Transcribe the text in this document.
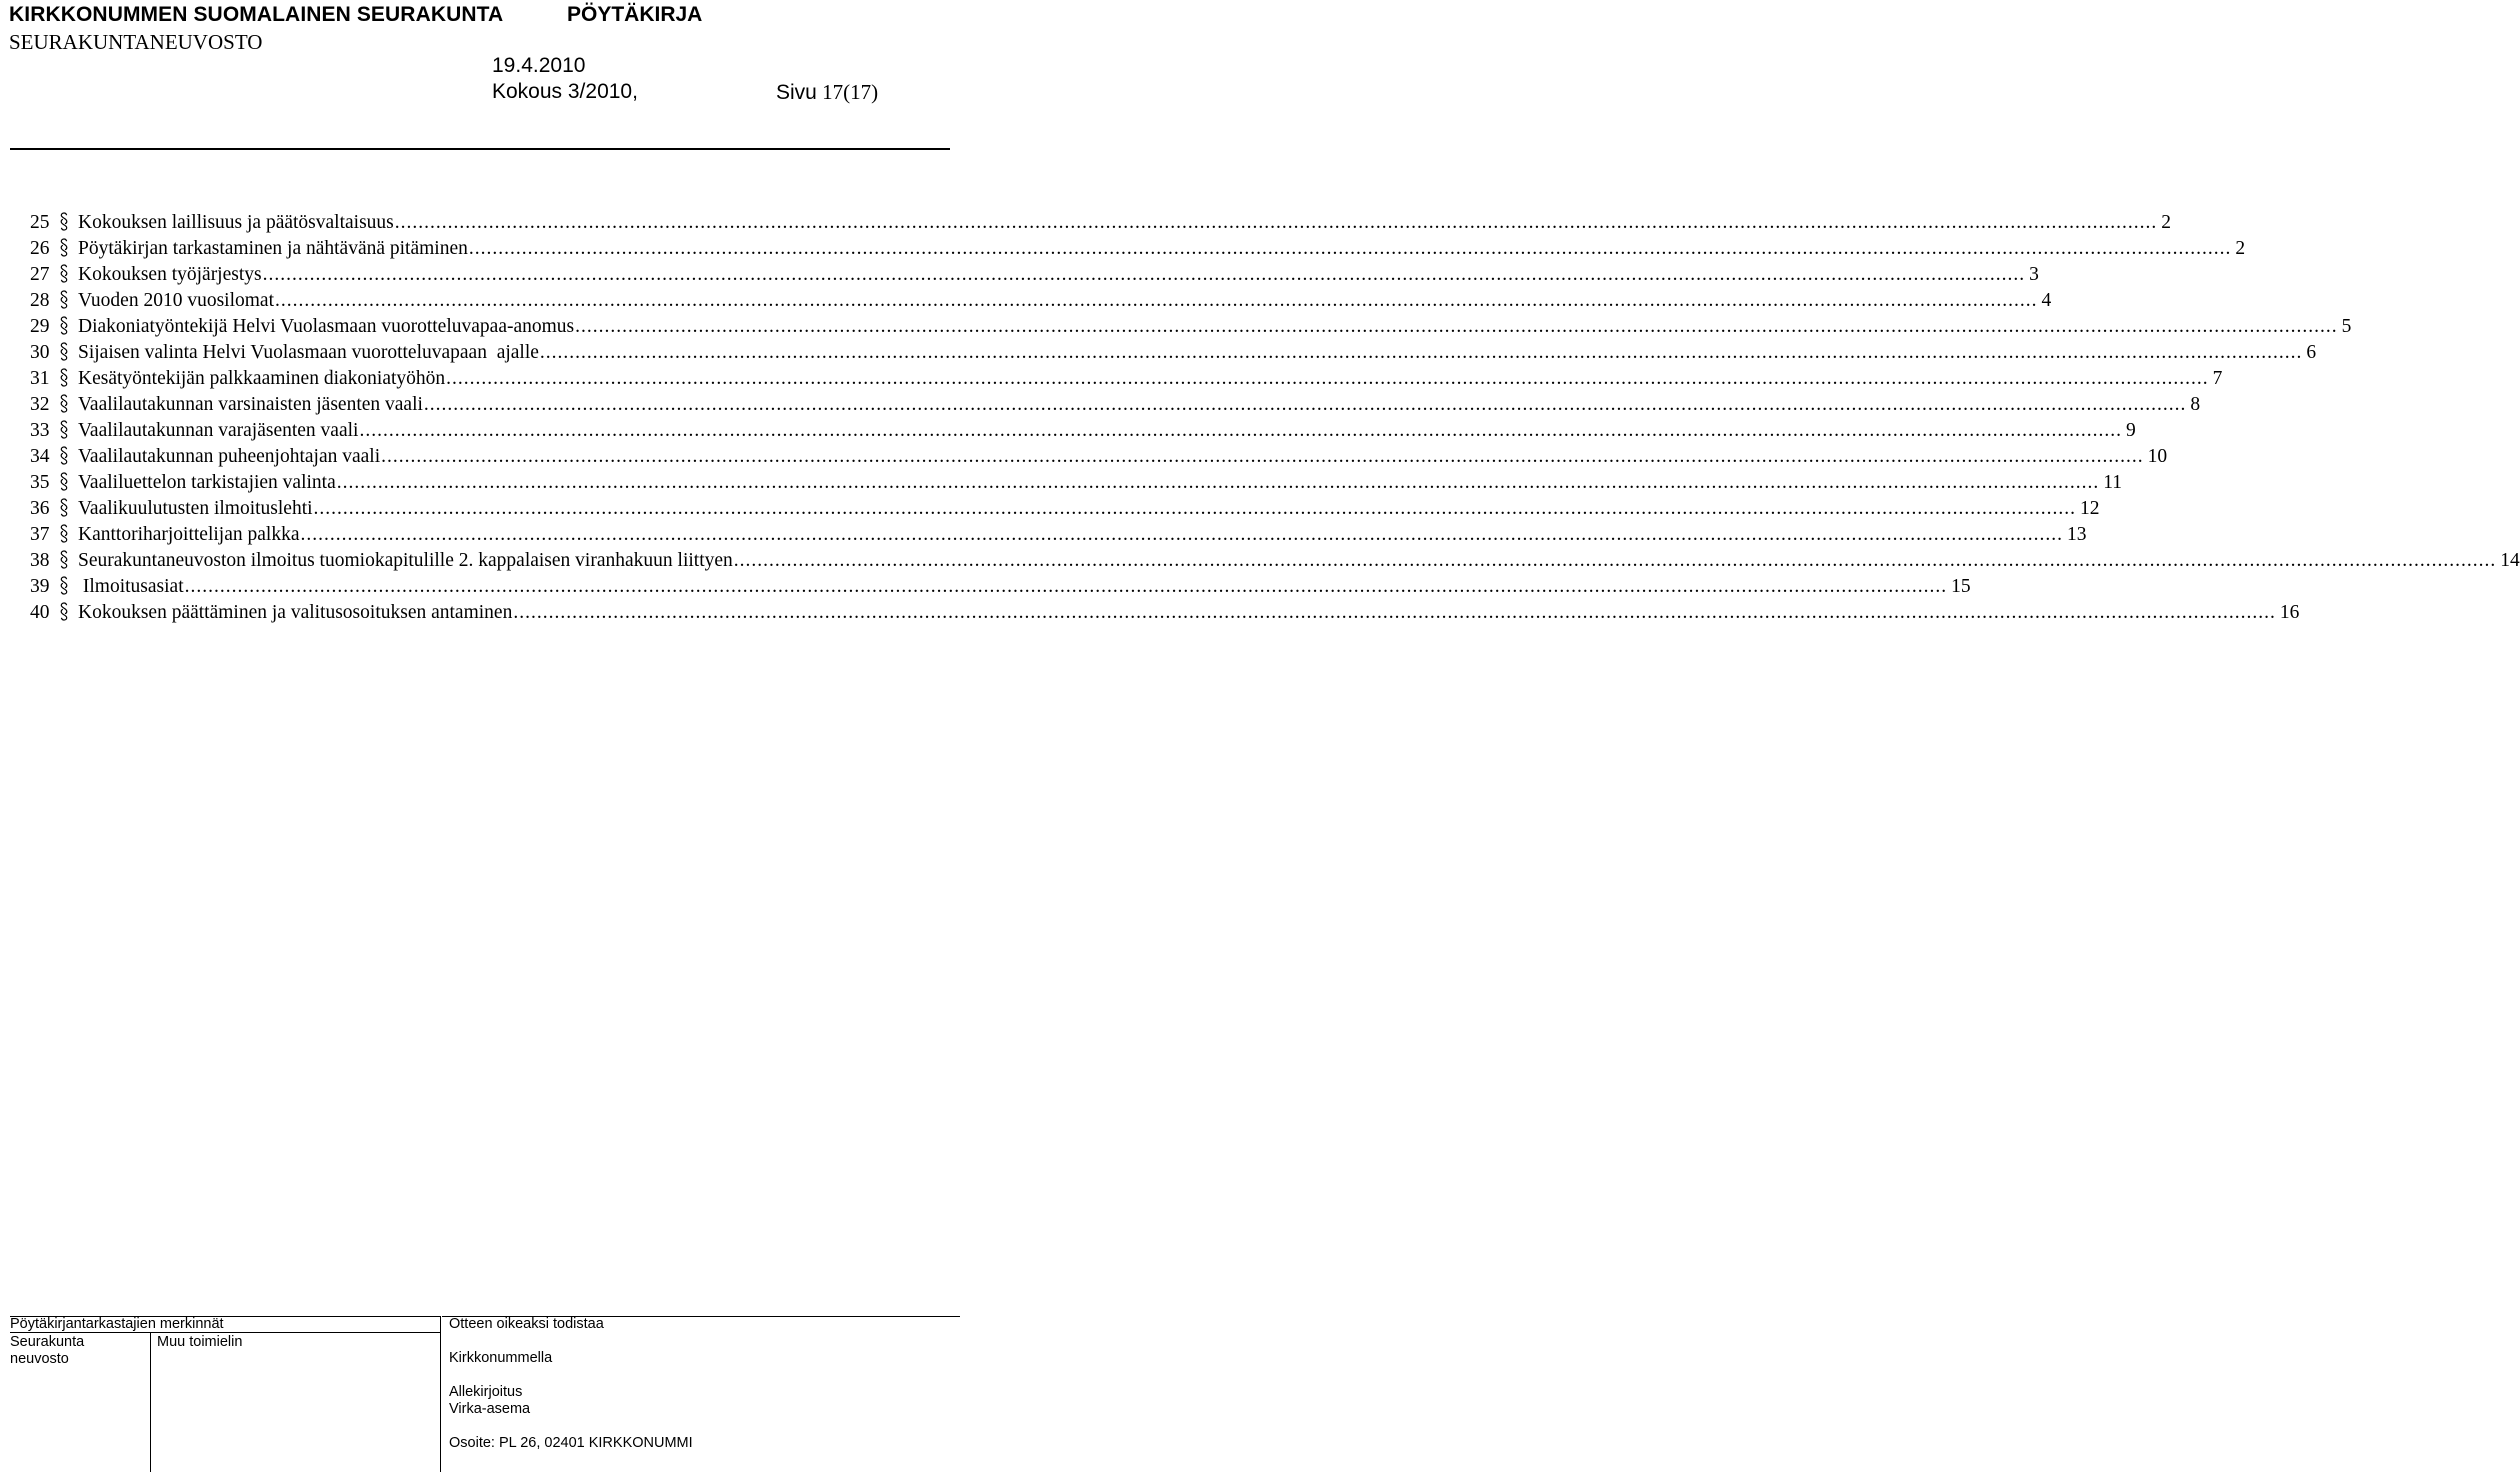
KIRKKONUMMEN SUOMALAINEN SEURAKUNTA	PÖYTÄKIRJA
SEURAKUNTANEUVOSTO
19.4.2010
Kokous 3/2010,	Sivu 17(17)
25 Kokouksen laillisuus ja päätösvaltaisuus ............................................................................................................................................................................................................................................................................................................ 2
26 Pöytäkirjan tarkastaminen ja nähtävänä pitäminen ............................................................................................................................................................................................................................................................................................................ 2
27 Kokouksen työjärjestys ............................................................................................................................................................................................................................................................................................................ 3
28 Vuoden 2010 vuosilomat ............................................................................................................................................................................................................................................................................................................ 4
29 Diakoniatyöntekijä Helvi Vuolasmaan vuorotteluvapaa-anomus ............................................................................................................................................................................................................................................................................................................ 5
30 Sijaisen valinta Helvi Vuolasmaan vuorotteluvapaan  ajalle ............................................................................................................................................................................................................................................................................................................ 6
31 Kesätyöntekijän palkkaaminen diakoniatyöhön ............................................................................................................................................................................................................................................................................................................ 7
32 Vaalilautakunnan varsinaisten jäsenten vaali ............................................................................................................................................................................................................................................................................................................ 8
33 Vaalilautakunnan varajäsenten vaali ............................................................................................................................................................................................................................................................................................................ 9
34 Vaalilautakunnan puheenjohtajan vaali ............................................................................................................................................................................................................................................................................................................ 10
35 Vaaliluettelon tarkistajien valinta ............................................................................................................................................................................................................................................................................................................ 11
36 Vaalikuulutusten ilmoituslehti ............................................................................................................................................................................................................................................................................................................ 12
37 Kanttoriharjoittelijan palkka ............................................................................................................................................................................................................................................................................................................ 13
38 Seurakuntaneuvoston ilmoitus tuomiokapitulille 2. kappalaisen viranhakuun liittyen ............................................................................................................................................................................................................................................................................................................ 14
39 Ilmoitusasiat ............................................................................................................................................................................................................................................................................................................ 15
40 Kokouksen päättäminen ja valitusosoituksen antaminen ............................................................................................................................................................................................................................................................................................................ 16
Pöytäkirjantarkastajien merkinnät
Seurakunta
neuvosto
Muu toimielin
Otteen oikeaksi todistaa
Kirkkonummella
Allekirjoitus
Virka-asema
Osoite: PL 26, 02401 KIRKKONUMMI
